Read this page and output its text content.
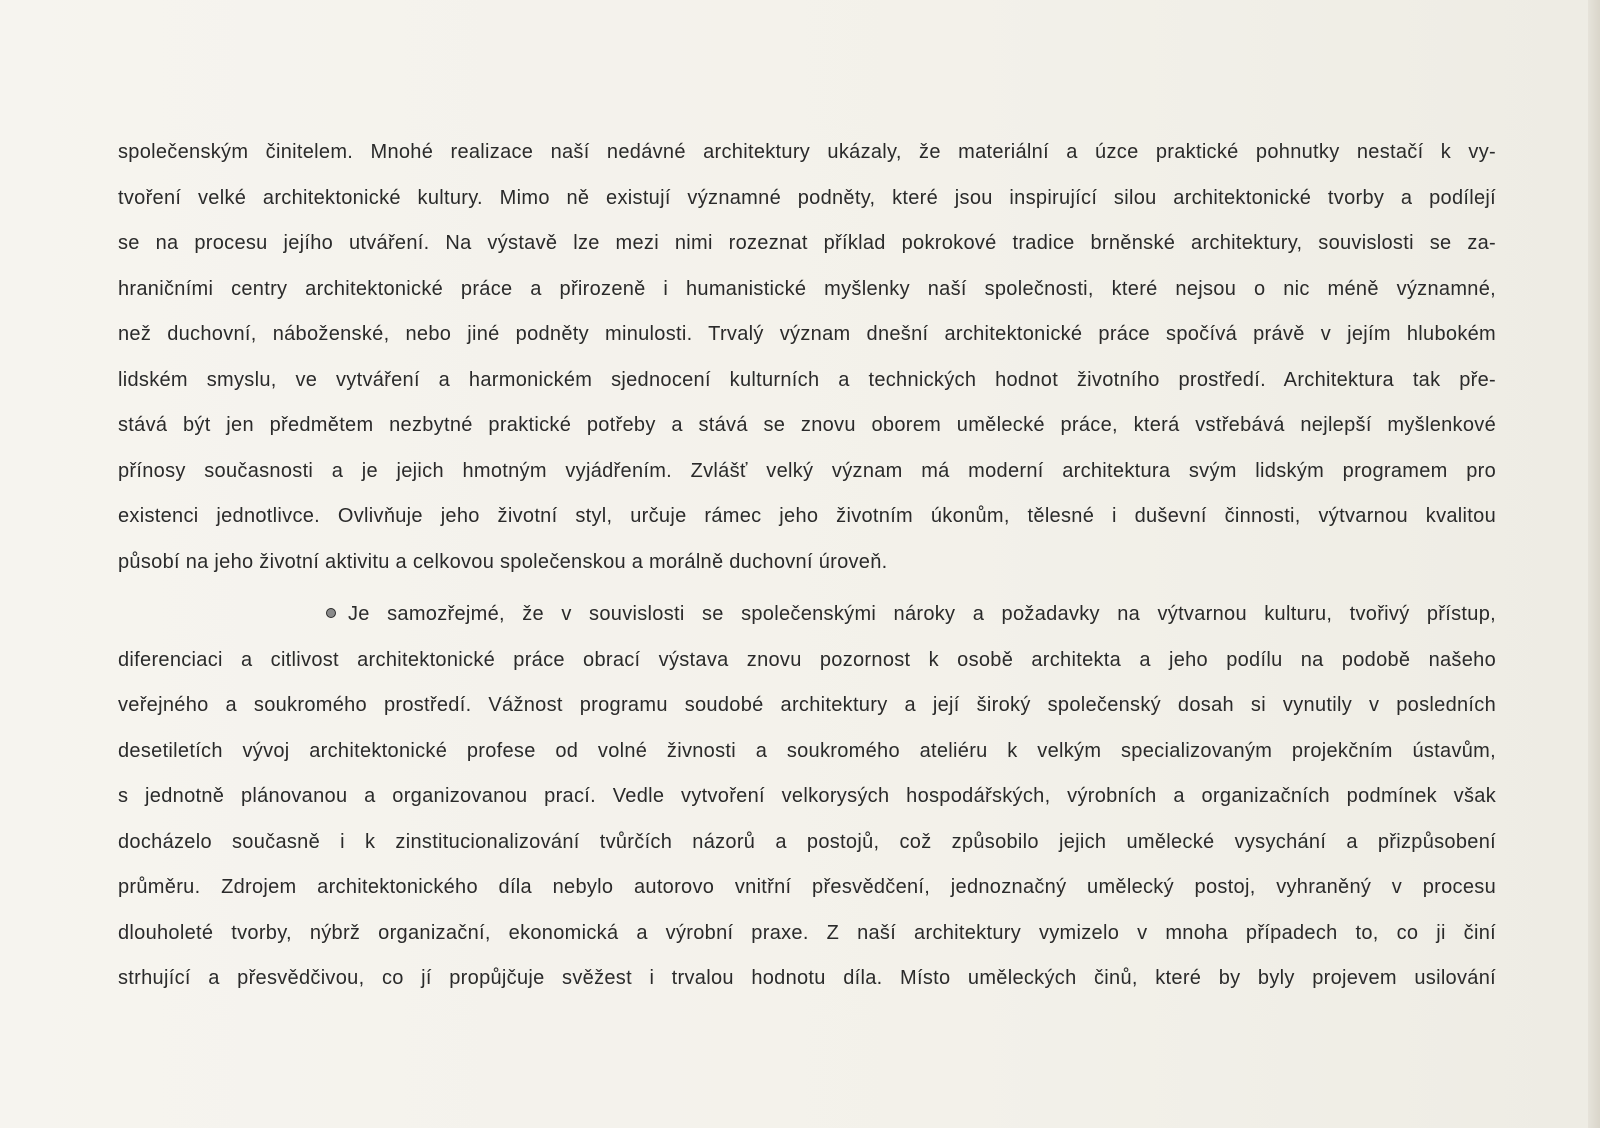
společenským činitelem. Mnohé realizace naší nedávné architektury ukázaly, že materiální a úzce praktické pohnutky nestačí k vy-
tvoření velké architektonické kultury. Mimo ně existují významné podněty, které jsou inspirující silou architektonické tvorby a podílejí
se na procesu jejího utváření. Na výstavě lze mezi nimi rozeznat příklad pokrokové tradice brněnské architektury, souvislosti se za-
hraničními centry architektonické práce a přirozeně i humanistické myšlenky naší společnosti, které nejsou o nic méně významné,
než duchovní, náboženské, nebo jiné podněty minulosti. Trvalý význam dnešní architektonické práce spočívá právě v jejím hlubokém
lidském smyslu, ve vytváření a harmonickém sjednocení kulturních a technických hodnot životního prostředí. Architektura tak pře-
stává být jen předmětem nezbytné praktické potřeby a stává se znovu oborem umělecké práce, která vstřebává nejlepší myšlenkové
přínosy současnosti a je jejich hmotným vyjádřením. Zvlášť velký význam má moderní architektura svým lidským programem pro
existenci jednotlivce. Ovlivňuje jeho životní styl, určuje rámec jeho životním úkonům, tělesné i duševní činnosti, výtvarnou kvalitou
působí na jeho životní aktivitu a celkovou společenskou a morálně duchovní úroveň.
Je samozřejmé, že v souvislosti se společenskými nároky a požadavky na výtvarnou kulturu, tvořivý přístup,
diferenciaci a citlivost architektonické práce obrací výstava znovu pozornost k osobě architekta a jeho podílu na podobě našeho
veřejného a soukromého prostředí. Vážnost programu soudobé architektury a její široký společenský dosah si vynutily v posledních
desetiletích vývoj architektonické profese od volné živnosti a soukromého ateliéru k velkým specializovaným projekčním ústavům,
s jednotně plánovanou a organizovanou prací. Vedle vytvoření velkorysých hospodářských, výrobních a organizačních podmínek však
docházelo současně i k zinstitucionalizování tvůrčích názorů a postojů, což způsobilo jejich umělecké vysychání a přizpůsobení
průměru. Zdrojem architektonického díla nebylo autorovo vnitřní přesvědčení, jednoznačný umělecký postoj, vyhraněný v procesu
dlouholeté tvorby, nýbrž organizační, ekonomická a výrobní praxe. Z naší architektury vymizelo v mnoha případech to, co ji činí
strhující a přesvědčivou, co jí propůjčuje svěžest i trvalou hodnotu díla. Místo uměleckých činů, které by byly projevem usilování
